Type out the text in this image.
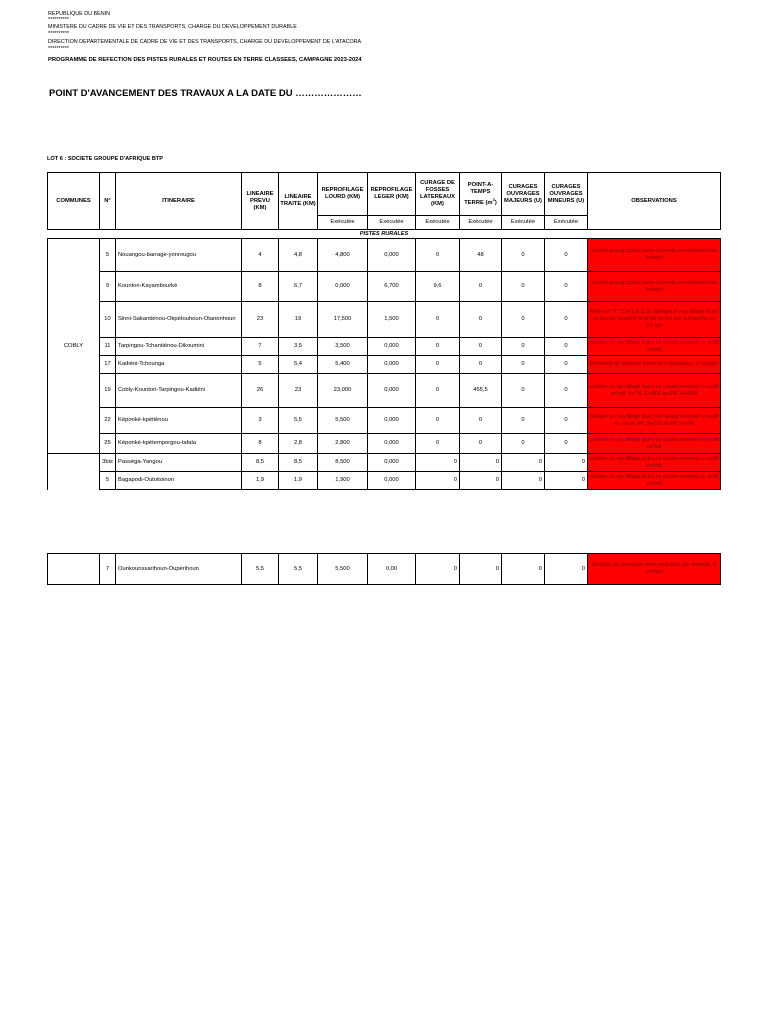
REPUBLIQUE DU BENIN
**********
MINISTERE DU CADRE DE VIE ET DES TRANSPORTS, CHARGE DU DEVELOPPEMENT DURABLE
**********
DIRECTION DEPARTEMENTALE DE CADRE DE VIE ET DES TRANSPORTS, CHARGE DU DEVELOPPEMENT DE L'ATACORA
**********
PROGRAMME DE REFECTION DES PISTES RURALES ET ROUTES EN TERRE CLASSEES, CAMPAGNE 2023-2024
POINT D'AVANCEMENT DES TRAVAUX A LA DATE DU …………………
LOT 6 : SOCIETE GROUPE D'AFRIQUE BTP
COMMUNES	N°	ITINERAIRE	LINEAIRE PREVU (KM)	LINEAIRE TRAITE (KM)	REPROFILAGE LOURD (KM)	REPROFILAGE LEGER (KM)	CURAGE DE FOSSES LATEREAUX (KM)	POINT-A-TEMPS
TERRE $(m^3)$	CURAGES OUVRAGES MAJEURS (U)	CURAGES OUVRAGES MINEURS (U)	OBSERVATIONS
					Exécutée	Exécutée	Exécutée	Exécutée	Exécutée	Exécutée	
PISTES RURALES											
COBLY	5	Nouangou-barrage-yonrougou	4	4,8	4,800	0,000	0	48	0	0	Fossés peu profonds (faire ressortir correctement les fossés)
	9	Kountori-Kayambourkè	8	6,7	0,000	6,700	9,6	0	0	0	Fossés peu profonds (faire ressortir correctement les fossés)
	10	Sinni-Sakantiénou-Okpètouhoun-Otanonhoun	23	19	17,500	1,500	0	0	0	0	Piste en "Y" (13+1,5+2,5), parfaire le reprofilage lourd en faisant ressortir le profil en toit sur la branche de 2,5 km
	11	Tarpingou-Tchantiénou-Dikoumini	7	3,5	3,500	0,000	0	0	0	0	parfaire le reprofilage lourd en faisant ressortir le profil en toit
	17	Kadiéni-Tchounga	5	5,4	5,400	0,000	0	0	0	0	Présence de sections fortement dégradées, à corriger
	19	Cobly-Kountori-Tarpingou-Kadiéni	26	23	23,000	0,000	0	455,5	0	0	parfaire le reprofilage lourd en faisant ressortir le profil en toit du PK 11+800 au PK 14+500
	22	Kèponkè-kpètiènou	3	5,5	5,500	0,000	0	0	0	0	parfaire le reprofilage lourd en faisant ressortir le profil en toit du PK 3+000 au PK 5+500
	25	Kèponkè-kpètemporgou-tafala	8	2,8	2,800	0,000	0	0	0	0	parfaire le reprofilage lourd en faisant ressortir le profil en toit
	3bis	Passèga-Yangou	8,5	8,5	8,500	0,000	0	0	0	0	parfaire le reprofilage lourd en faisant ressortir le profil en toit
	5	Bagapodi-Outoitoinon	1,9	1,9	1,900	0,000	0	0	0	0	parfaire le reprofilage lourd en faisant ressortir le profil en toit
	7	Ounkounssarihoun-Oupérihoun	5,5	5,5	5,500	0,00	0	0	0	0	Fossés peu profonds voire inexistant par endroits, à corriger
